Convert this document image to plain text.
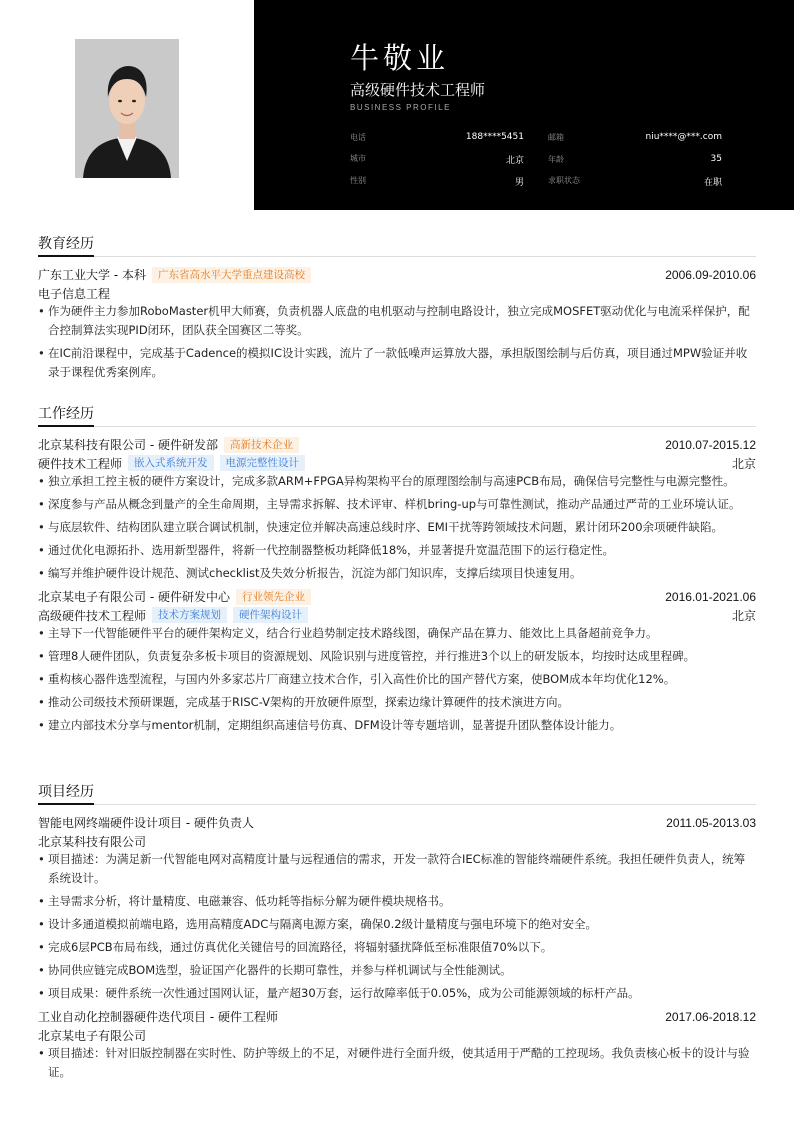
牛敬业
高级硬件技术工程师
BUSINESS PROFILE
电话	188****5451	邮箱	niu****@***.com
城市	北京	年龄	35
性别	男	求职状态	在职
教育经历
广东工业大学 - 本科	广东省高水平大学重点建设高校	2006.09-2010.06
电子信息工程
• 作为硬件主力参加RoboMaster机甲大师赛，负责机器人底盘的电机驱动与控制电路设计，独立完成MOSFET驱动优化与电流采样保护，配合控制算法实现PID闭环，团队获全国赛区二等奖。
• 在IC前沿课程中，完成基于Cadence的模拟IC设计实践，流片了一款低噪声运算放大器，承担版图绘制与后仿真，项目通过MPW验证并收录于课程优秀案例库。
工作经历
北京某科技有限公司 - 硬件研发部	高新技术企业	2010.07-2015.12
硬件技术工程师	嵌入式系统开发	电源完整性设计	北京
• 独立承担工控主板的硬件方案设计，完成多款ARM+FPGA异构架构平台的原理图绘制与高速PCB布局，确保信号完整性与电源完整性。
• 深度参与产品从概念到量产的全生命周期，主导需求拆解、技术评审、样机bring-up与可靠性测试，推动产品通过严苛的工业环境认证。
• 与底层软件、结构团队建立联合调试机制，快速定位并解决高速总线时序、EMI干扰等跨领域技术问题，累计闭环200余项硬件缺陷。
• 通过优化电源拓扑、选用新型器件，将新一代控制器整板功耗降低18%，并显著提升宽温范围下的运行稳定性。
• 编写并维护硬件设计规范、测试checklist及失效分析报告，沉淀为部门知识库，支撑后续项目快速复用。
北京某电子有限公司 - 硬件研发中心	行业领先企业	2016.01-2021.06
高级硬件技术工程师	技术方案规划	硬件架构设计	北京
• 主导下一代智能硬件平台的硬件架构定义，结合行业趋势制定技术路线图，确保产品在算力、能效比上具备超前竞争力。
• 管理8人硬件团队，负责复杂多板卡项目的资源规划、风险识别与进度管控，并行推进3个以上的研发版本，均按时达成里程碑。
• 重构核心器件选型流程，与国内外多家芯片厂商建立技术合作，引入高性价比的国产替代方案，使BOM成本年均优化12%。
• 推动公司级技术预研课题，完成基于RISC-V架构的开放硬件原型，探索边缘计算硬件的技术演进方向。
• 建立内部技术分享与mentor机制，定期组织高速信号仿真、DFM设计等专题培训，显著提升团队整体设计能力。
项目经历
智能电网终端硬件设计项目 - 硬件负责人	2011.05-2013.03
北京某科技有限公司
• 项目描述：为满足新一代智能电网对高精度计量与远程通信的需求，开发一款符合IEC标准的智能终端硬件系统。我担任硬件负责人，统筹系统设计。
• 主导需求分析，将计量精度、电磁兼容、低功耗等指标分解为硬件模块规格书。
• 设计多通道模拟前端电路，选用高精度ADC与隔离电源方案，确保0.2级计量精度与强电环境下的绝对安全。
• 完成6层PCB布局布线，通过仿真优化关键信号的回流路径，将辐射骚扰降低至标准限值70%以下。
• 协同供应链完成BOM选型，验证国产化器件的长期可靠性，并参与样机调试与全性能测试。
• 项目成果：硬件系统一次性通过国网认证，量产超30万套，运行故障率低于0.05%，成为公司能源领域的标杆产品。
工业自动化控制器硬件迭代项目 - 硬件工程师	2017.06-2018.12
北京某电子有限公司
• 项目描述：针对旧版控制器在实时性、防护等级上的不足，对硬件进行全面升级，使其适用于严酷的工控现场。我负责核心板卡的设计与验证。
